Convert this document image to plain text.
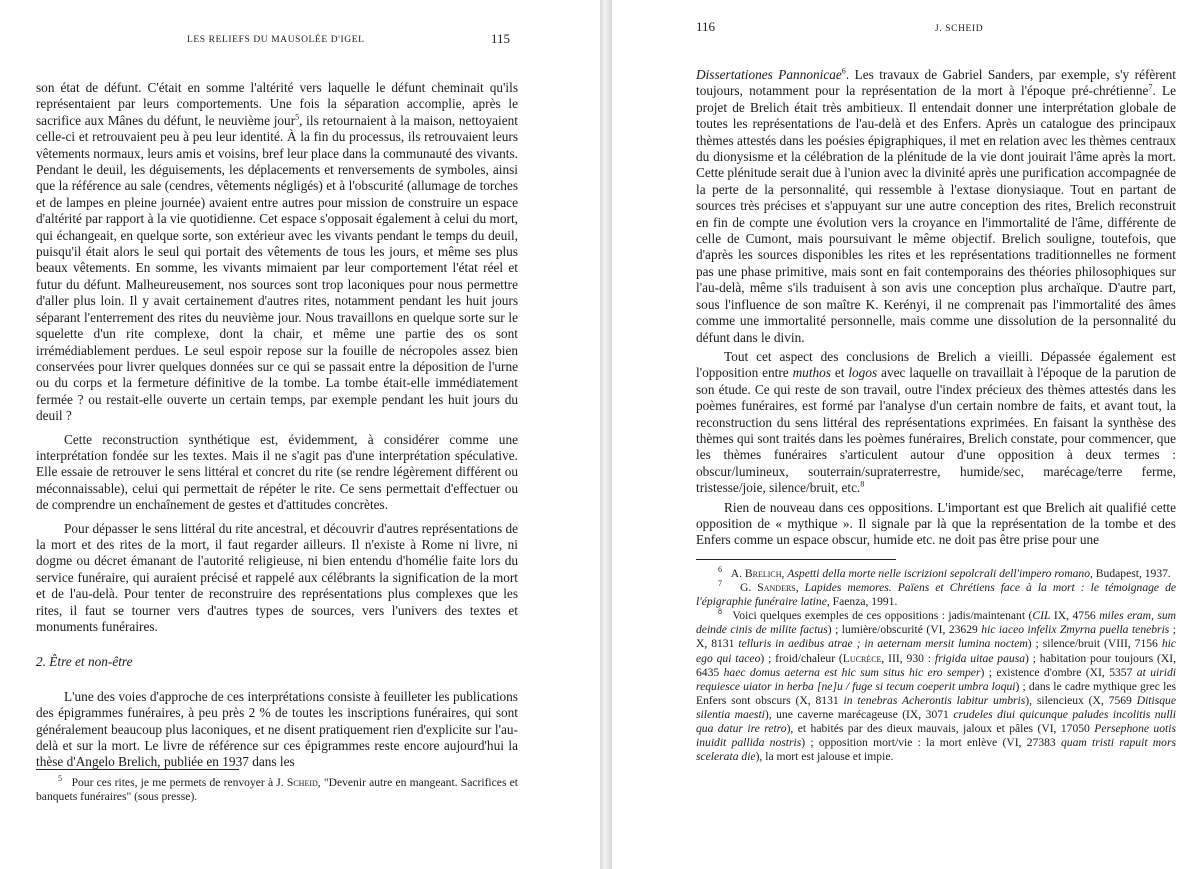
LES RELIEFS DU MAUSOLÉE D'IGEL	115

son état de défunt. C'était en somme l'altérité vers laquelle le défunt cheminait qu'ils représentaient par leurs comportements. Une fois la séparation accomplie, après le sacrifice aux Mânes du défunt, le neuvième jour$^5$, ils retournaient à la maison, nettoyaient celle-ci et retrouvaient peu à peu leur identité. À la fin du processus, ils retrouvaient leurs vêtements normaux, leurs amis et voisins, bref leur place dans la communauté des vivants. Pendant le deuil, les déguisements, les déplacements et renversements de symboles, ainsi que la référence au sale (cendres, vêtements négligés) et à l'obscurité (allumage de torches et de lampes en pleine journée) avaient entre autres pour mission de construire un espace d'altérité par rapport à la vie quotidienne. Cet espace s'opposait également à celui du mort, qui échangeait, en quelque sorte, son extérieur avec les vivants pendant le temps du deuil, puisqu'il était alors le seul qui portait des vêtements de tous les jours, et même ses plus beaux vêtements. En somme, les vivants mimaient par leur comportement l'état réel et futur du défunt. Malheureusement, nos sources sont trop laconiques pour nous permettre d'aller plus loin. Il y avait certainement d'autres rites, notamment pendant les huit jours séparant l'enterrement des rites du neuvième jour. Nous travaillons en quelque sorte sur le squelette d'un rite complexe, dont la chair, et même une partie des os sont irrémédiablement perdues. Le seul espoir repose sur la fouille de nécropoles assez bien conservées pour livrer quelques données sur ce qui se passait entre la déposition de l'urne ou du corps et la fermeture définitive de la tombe. La tombe était-elle immédiatement fermée ? ou restait-elle ouverte un certain temps, par exemple pendant les huit jours du deuil ?

Cette reconstruction synthétique est, évidemment, à considérer comme une interprétation fondée sur les textes. Mais il ne s'agit pas d'une interprétation spéculative. Elle essaie de retrouver le sens littéral et concret du rite (se rendre légèrement différent ou méconnaissable), celui qui permettait de répéter le rite. Ce sens permettait d'effectuer ou de comprendre un enchaînement de gestes et d'attitudes concrètes.

Pour dépasser le sens littéral du rite ancestral, et découvrir d'autres représentations de la mort et des rites de la mort, il faut regarder ailleurs. Il n'existe à Rome ni livre, ni dogme ou décret émanant de l'autorité religieuse, ni bien entendu d'homélie faite lors du service funéraire, qui auraient précisé et rappelé aux célébrants la signification de la mort et de l'au-delà. Pour tenter de reconstruire des représentations plus complexes que les rites, il faut se tourner vers d'autres types de sources, vers l'univers des textes et monuments funéraires.

2. Être et non-être

L'une des voies d'approche de ces interprétations consiste à feuilleter les publications des épigrammes funéraires, à peu près 2 % de toutes les inscriptions funéraires, qui sont généralement beaucoup plus laconiques, et ne disent pratiquement rien d'explicite sur l'au-delà et sur la mort. Le livre de référence sur ces épigrammes reste encore aujourd'hui la thèse d'Angelo Brelich, publiée en 1937 dans les

$^5$ Pour ces rites, je me permets de renvoyer à J. Scheid, "Devenir autre en mangeant. Sacrifices et banquets funéraires" (sous presse).

116	J. SCHEID

Dissertationes Pannonicae$^6$. Les travaux de Gabriel Sanders, par exemple, s'y réfèrent toujours, notamment pour la représentation de la mort à l'époque pré-chrétienne$^7$. Le projet de Brelich était très ambitieux. Il entendait donner une interprétation globale de toutes les représentations de l'au-delà et des Enfers. Après un catalogue des principaux thèmes attestés dans les poésies épigraphiques, il met en relation avec les thèmes centraux du dionysisme et la célébration de la plénitude de la vie dont jouirait l'âme après la mort. Cette plénitude serait due à l'union avec la divinité après une purification accompagnée de la perte de la personnalité, qui ressemble à l'extase dionysiaque. Tout en partant de sources très précises et s'appuyant sur une autre conception des rites, Brelich reconstruit en fin de compte une évolution vers la croyance en l'immortalité de l'âme, différente de celle de Cumont, mais poursuivant le même objectif. Brelich souligne, toutefois, que d'après les sources disponibles les rites et les représentations traditionnelles ne forment pas une phase primitive, mais sont en fait contemporains des théories philosophiques sur l'au-delà, même s'ils traduisent à son avis une conception plus archaïque. D'autre part, sous l'influence de son maître K. Kerényi, il ne comprenait pas l'immortalité des âmes comme une immortalité personnelle, mais comme une dissolution de la personnalité du défunt dans le divin.

Tout cet aspect des conclusions de Brelich a vieilli. Dépassée également est l'opposition entre muthos et logos avec laquelle on travaillait à l'époque de la parution de son étude. Ce qui reste de son travail, outre l'index précieux des thèmes attestés dans les poèmes funéraires, est formé par l'analyse d'un certain nombre de faits, et avant tout, la reconstruction du sens littéral des représentations exprimées. En faisant la synthèse des thèmes qui sont traités dans les poèmes funéraires, Brelich constate, pour commencer, que les thèmes funéraires s'articulent autour d'une opposition à deux termes : obscur/lumineux, souterrain/supraterrestre, humide/sec, marécage/terre ferme, tristesse/joie, silence/bruit, etc.$^8$

Rien de nouveau dans ces oppositions. L'important est que Brelich ait qualifié cette opposition de « mythique ». Il signale par là que la représentation de la tombe et des Enfers comme un espace obscur, humide etc. ne doit pas être prise pour une

$^6$ A. Brelich, Aspetti della morte nelle iscrizioni sepolcrali dell'impero romano, Budapest, 1937.

$^7$ G. Sanders, Lapides memores. Païens et Chrétiens face à la mort : le témoignage de l'épigraphie funéraire latine, Faenza, 1991.

$^8$ Voici quelques exemples de ces oppositions : jadis/maintenant (CIL IX, 4756 miles eram, sum deinde cinis de milite factus) ; lumière/obscurité (VI, 23629 hic iaceo infelix Zmyrna puella tenebris ; X, 8131 telluris in aedibus atrae ; in aeternam mersit lumina noctem) ; silence/bruit (VIII, 7156 hic ego qui taceo) ; froid/chaleur (Lucrèce, III, 930 : frigida uitae pausa) ; habitation pour toujours (XI, 6435 haec domus aeterna est hic sum situs hic ero semper) ; existence d'ombre (XI, 5357 at uiridi requiesce uiator in herba [ne]u / fuge si tecum coeperit umbra loqui) ; dans le cadre mythique grec les Enfers sont obscurs (X, 8131 in tenebras Acherontis labitur umbris), silencieux (X, 7569 Ditisque silentia maesti), une caverne marécageuse (IX, 3071 crudeles diui quicunque paludes incolitis nulli qua datur ire retro), et habités par des dieux mauvais, jaloux et pâles (VI, 17050 Persephone uotis inuidit pallida nostris) ; opposition mort/vie : la mort enlève (VI, 27383 quam tristi rapuit mors scelerata die), la mort est jalouse et impie.
